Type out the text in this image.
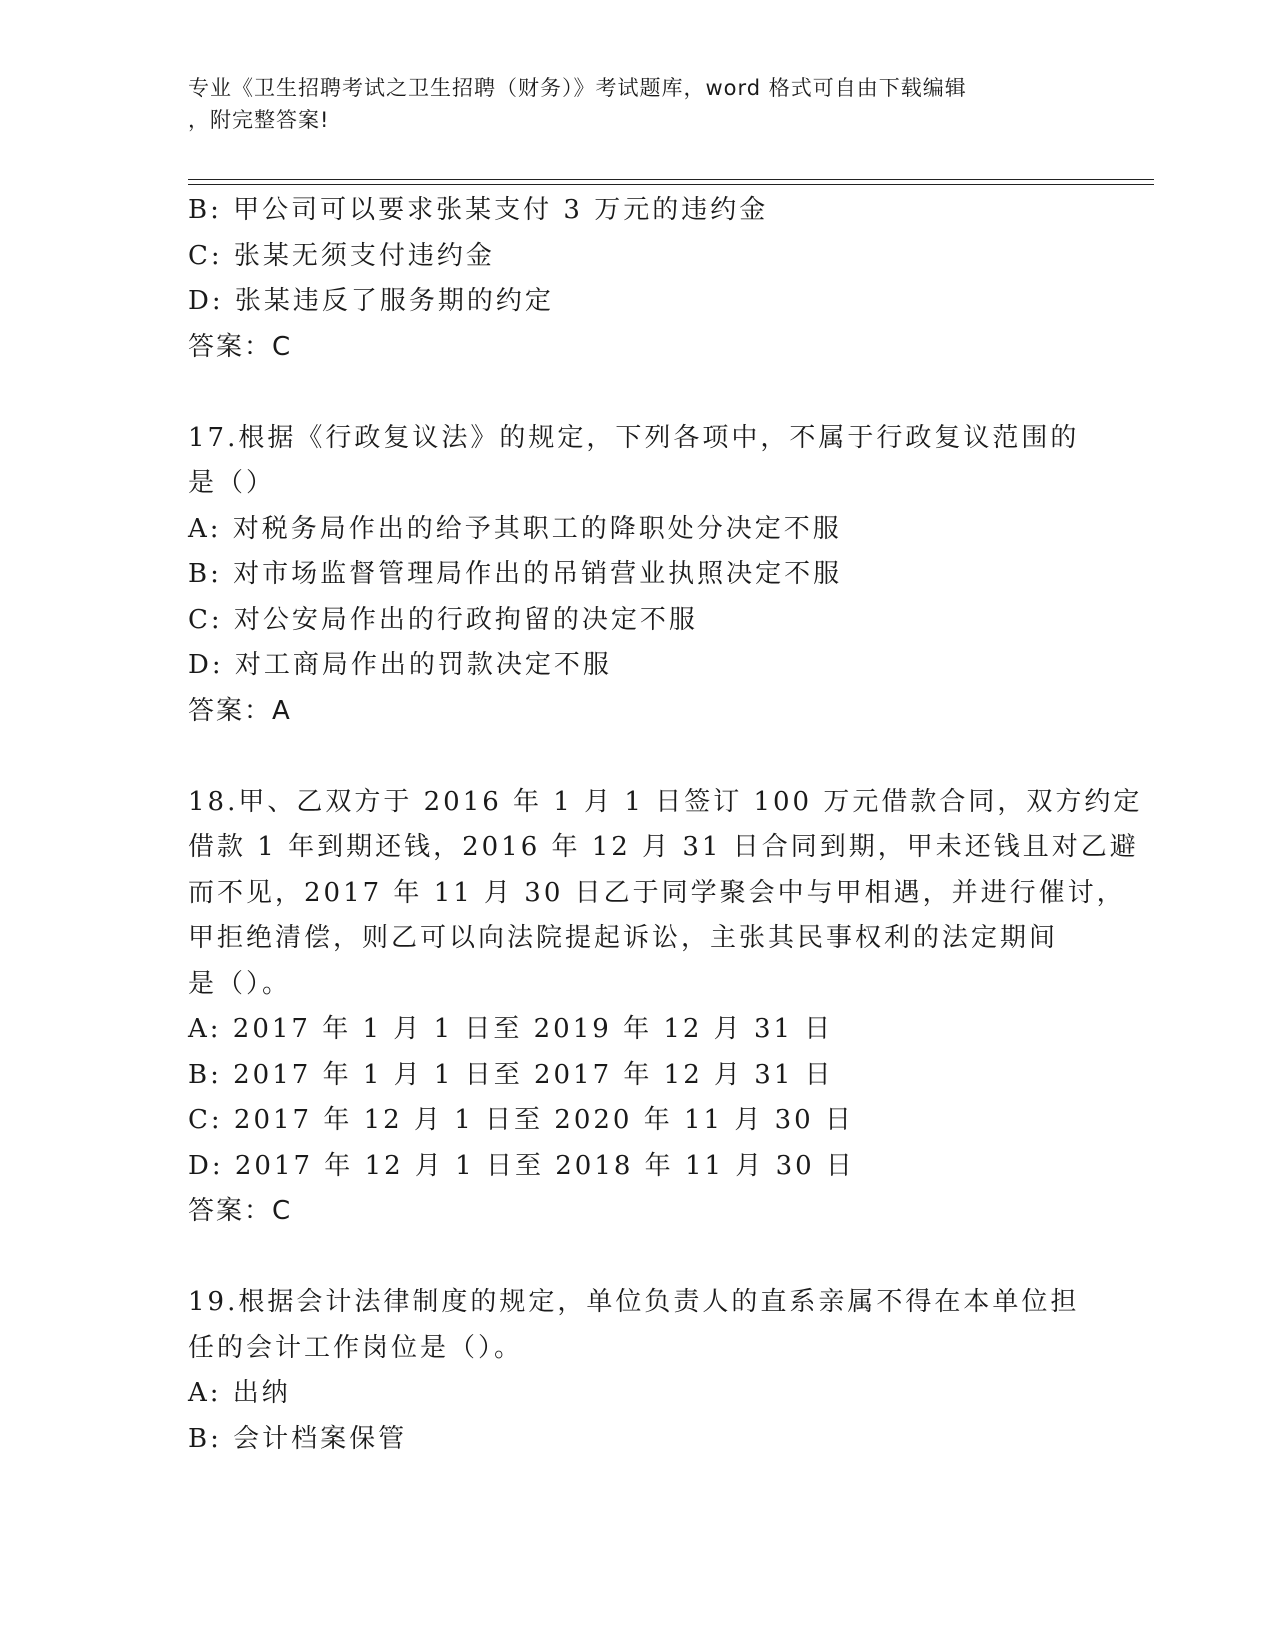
专业《卫生招聘考试之卫生招聘（财务）》考试题库，word 格式可自由下载编辑
，附完整答案!
B: 甲公司可以要求张某支付 3 万元的违约金
C: 张某无须支付违约金
D: 张某违反了服务期的约定
答案：C
17.根据《行政复议法》的规定，下列各项中，不属于行政复议范围的
是（）
A: 对税务局作出的给予其职工的降职处分决定不服
B: 对市场监督管理局作出的吊销营业执照决定不服
C: 对公安局作出的行政拘留的决定不服
D: 对工商局作出的罚款决定不服
答案：A
18.甲、乙双方于 2016 年 1 月 1 日签订 100 万元借款合同，双方约定
借款 1 年到期还钱，2016 年 12 月 31 日合同到期，甲未还钱且对乙避
而不见，2017 年 11 月 30 日乙于同学聚会中与甲相遇，并进行催讨，
甲拒绝清偿，则乙可以向法院提起诉讼，主张其民事权利的法定期间
是（）。
A: 2017 年 1 月 1 日至 2019 年 12 月 31 日
B: 2017 年 1 月 1 日至 2017 年 12 月 31 日
C: 2017 年 12 月 1 日至 2020 年 11 月 30 日
D: 2017 年 12 月 1 日至 2018 年 11 月 30 日
答案：C
19.根据会计法律制度的规定，单位负责人的直系亲属不得在本单位担
任的会计工作岗位是（）。
A: 出纳
B: 会计档案保管
